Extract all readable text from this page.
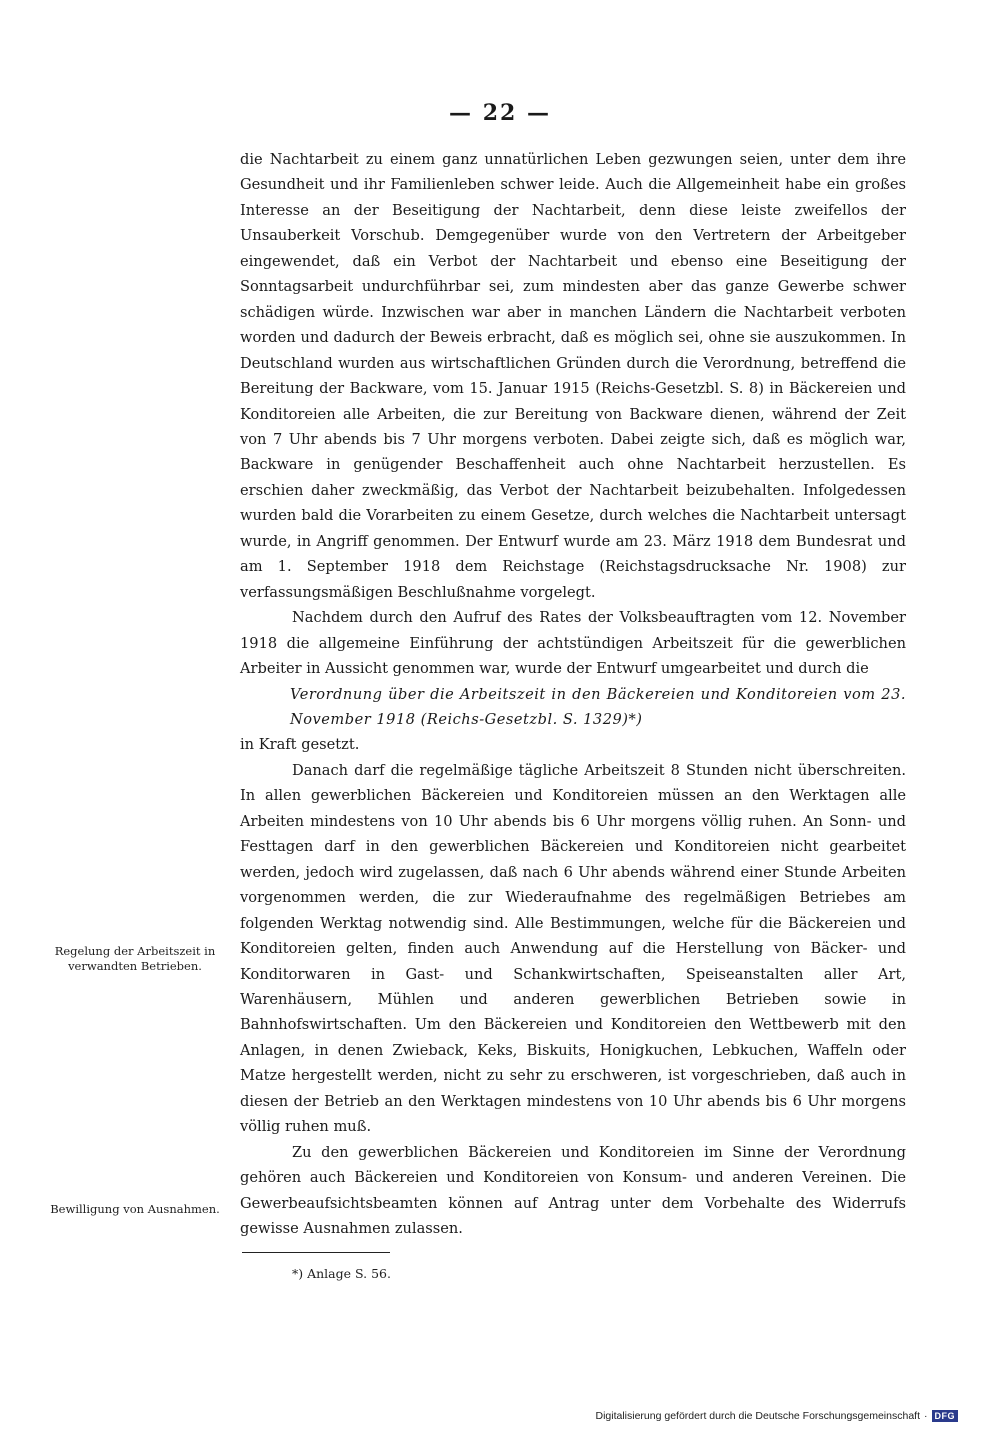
— 22 —

die Nachtarbeit zu einem ganz unnatürlichen Leben gezwungen seien, unter dem ihre Gesundheit und ihr Familienleben schwer leide. Auch die Allgemeinheit habe ein großes Interesse an der Beseitigung der Nachtarbeit, denn diese leiste zweifellos der Unsauberkeit Vorschub. Demgegenüber wurde von den Vertretern der Arbeitgeber eingewendet, daß ein Verbot der Nachtarbeit und ebenso eine Beseitigung der Sonntagsarbeit undurchführbar sei, zum mindesten aber das ganze Gewerbe schwer schädigen würde. Inzwischen war aber in manchen Ländern die Nachtarbeit verboten worden und dadurch der Beweis erbracht, daß es möglich sei, ohne sie auszukommen. In Deutschland wurden aus wirtschaftlichen Gründen durch die Verordnung, betreffend die Bereitung der Backware, vom 15. Januar 1915 (Reichs-Gesetzbl. S. 8) in Bäckereien und Konditoreien alle Arbeiten, die zur Bereitung von Backware dienen, während der Zeit von 7 Uhr abends bis 7 Uhr morgens verboten. Dabei zeigte sich, daß es möglich war, Backware in genügender Beschaffenheit auch ohne Nachtarbeit herzustellen. Es erschien daher zweckmäßig, das Verbot der Nachtarbeit beizubehalten. Infolgedessen wurden bald die Vorarbeiten zu einem Gesetze, durch welches die Nachtarbeit untersagt wurde, in Angriff genommen. Der Entwurf wurde am 23. März 1918 dem Bundesrat und am 1. September 1918 dem Reichstage (Reichstagsdrucksache Nr. 1908) zur verfassungsmäßigen Beschlußnahme vorgelegt.

Nachdem durch den Aufruf des Rates der Volksbeauftragten vom 12. November 1918 die allgemeine Einführung der achtstündigen Arbeitszeit für die gewerblichen Arbeiter in Aussicht genommen war, wurde der Entwurf umgearbeitet und durch die

Verordnung über die Arbeitszeit in den Bäckereien und Konditoreien vom 23. November 1918 (Reichs-Gesetzbl. S. 1329)*)

in Kraft gesetzt.

Danach darf die regelmäßige tägliche Arbeitszeit 8 Stunden nicht überschreiten. In allen gewerblichen Bäckereien und Konditoreien müssen an den Werktagen alle Arbeiten mindestens von 10 Uhr abends bis 6 Uhr morgens völlig ruhen. An Sonn- und Festtagen darf in den gewerblichen Bäckereien und Konditoreien nicht gearbeitet werden, jedoch wird zugelassen, daß nach 6 Uhr abends während einer Stunde Arbeiten vorgenommen werden, die zur Wiederaufnahme des regelmäßigen Betriebes am folgenden Werktag notwendig sind. Alle Bestimmungen, welche für die Bäckereien und Konditoreien gelten, finden auch Anwendung auf die Herstellung von Bäcker- und Konditorwaren in Gast- und Schankwirtschaften, Speiseanstalten aller Art, Warenhäusern, Mühlen und anderen gewerblichen Betrieben sowie in Bahnhofswirtschaften. Um den Bäckereien und Konditoreien den Wettbewerb mit den Anlagen, in denen Zwieback, Keks, Biskuits, Honigkuchen, Lebkuchen, Waffeln oder Matze hergestellt werden, nicht zu sehr zu erschweren, ist vorgeschrieben, daß auch in diesen der Betrieb an den Werktagen mindestens von 10 Uhr abends bis 6 Uhr morgens völlig ruhen muß.

Zu den gewerblichen Bäckereien und Konditoreien im Sinne der Verordnung gehören auch Bäckereien und Konditoreien von Konsum- und anderen Vereinen. Die Gewerbeaufsichtsbeamten können auf Antrag unter dem Vorbehalte des Widerrufs gewisse Ausnahmen zulassen.

Regelung der Arbeitszeit in verwandten Betrieben.
Bewilligung von Ausnahmen.
*) Anlage S. 56.
Digitalisierung gefördert durch die Deutsche Forschungsgemeinschaft · DFG
